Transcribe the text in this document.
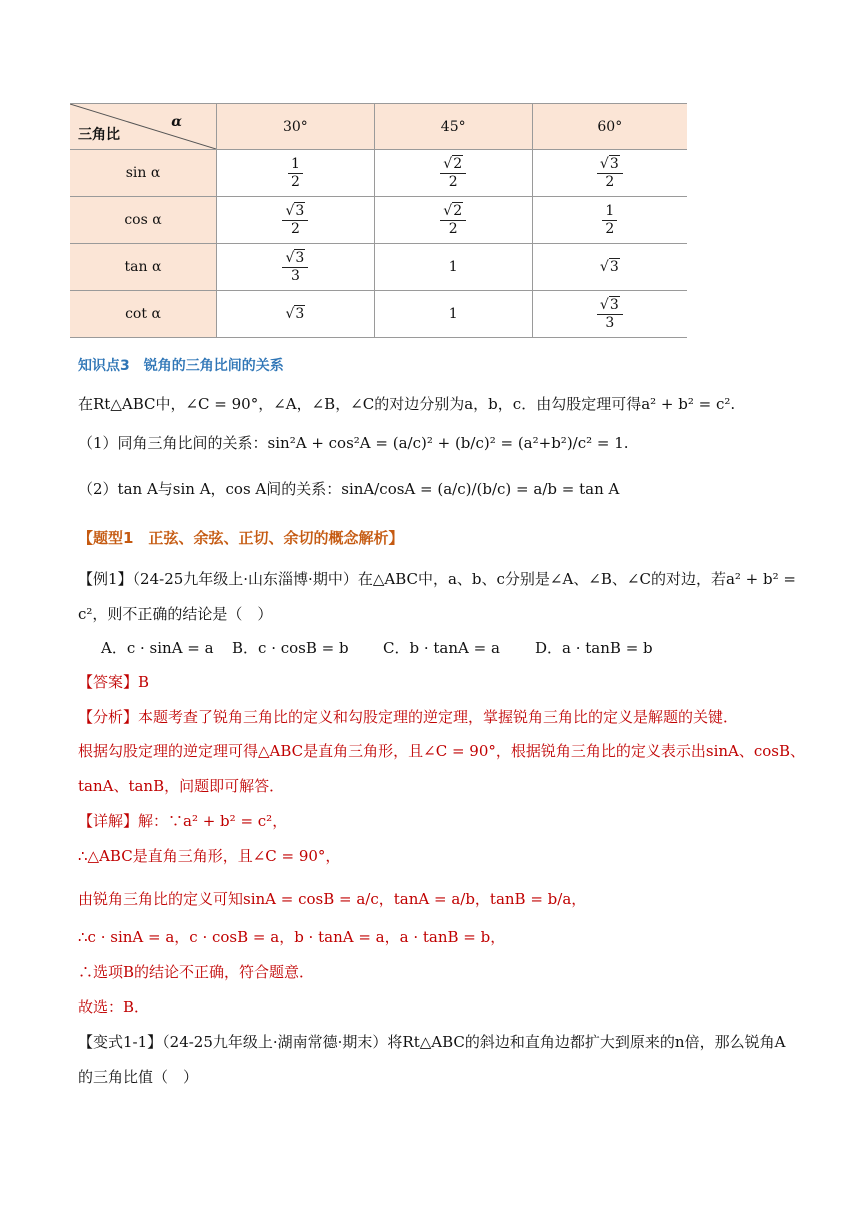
α
三角比	30°	45°	60°
sin α	$\frac{1}{2}$	$\frac{√2}{2}$	$\frac{√3}{2}$

cos α	$\frac{√3}{2}$	$\frac{√2}{2}$	$\frac{1}{2}$

tan α	$\frac{√3}{3}$	1	√3
cot α	√3	1	$\frac{√3}{3}$
知识点3　锐角的三角比间的关系
在Rt△ABC中，∠C = 90°，∠A，∠B，∠C的对边分别为a，b，c．由勾股定理可得a² + b² = c².
（1）同角三角比间的关系：sin²A + cos²A = (a/c)² + (b/c)² = (a²+b²)/c² = 1.
（2）tan A与sin A，cos A间的关系：sinA/cosA = (a/c)/(b/c) = a/b = tan A
【题型1　正弦、余弦、正切、余切的概念解析】
【例1】（24-25九年级上·山东淄博·期中）在△ABC中，a、b、c分别是∠A、∠B、∠C的对边，若a² + b² =
c²，则不正确的结论是（　）
A．c · sinA = a B．c · cosB = b C．b · tanA = a D．a · tanB = b
【答案】B
【分析】本题考查了锐角三角比的定义和勾股定理的逆定理，掌握锐角三角比的定义是解题的关键．
根据勾股定理的逆定理可得△ABC是直角三角形，且∠C = 90°，根据锐角三角比的定义表示出sinA、cosB、
tanA、tanB，问题即可解答．
【详解】解：∵a² + b² = c²，
∴△ABC是直角三角形，且∠C = 90°，
由锐角三角比的定义可知sinA = cosB = a/c，tanA = a/b，tanB = b/a，
∴c · sinA = a，c · cosB = a，b · tanA = a，a · tanB = b，
∴选项B的结论不正确，符合题意．
故选：B．
【变式1-1】（24-25九年级上·湖南常德·期末）将Rt△ABC的斜边和直角边都扩大到原来的n倍，那么锐角A
的三角比值（　）
